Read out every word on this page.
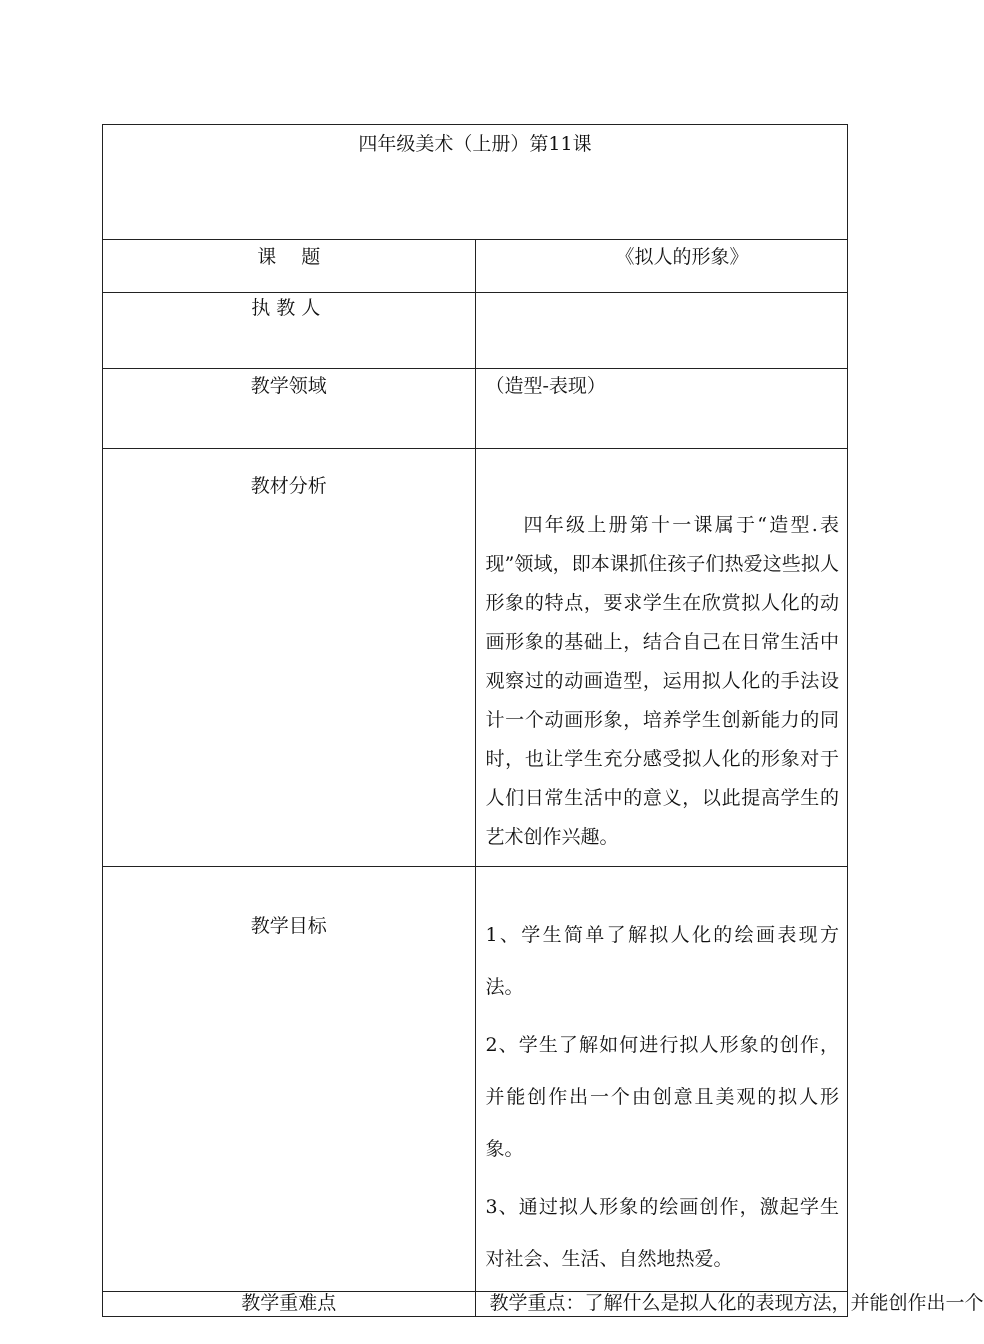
四年级美术（上册）第11课	

课　 题	《拟人的形象》

执教人	

教学领域	（造型-表现）

教材分析	四年级上册第十一课属于“造型.表现”领域，即本课抓住孩子们热爱这些拟人形象的特点，要求学生在欣赏拟人化的动画形象的基础上，结合自己在日常生活中观察过的动画造型，运用拟人化的手法设计一个动画形象，培养学生创新能力的同时，也让学生充分感受拟人化的形象对于人们日常生活中的意义，以此提高学生的艺术创作兴趣。

教学目标	1、学生简单了解拟人化的绘画表现方法。
2、学生了解如何进行拟人形象的创作，并能创作出一个由创意且美观的拟人形象。
3、通过拟人形象的绘画创作，激起学生对社会、生活、自然地热爱。

教学重难点	教学重点：了解什么是拟人化的表现方法，并能创作出一个
